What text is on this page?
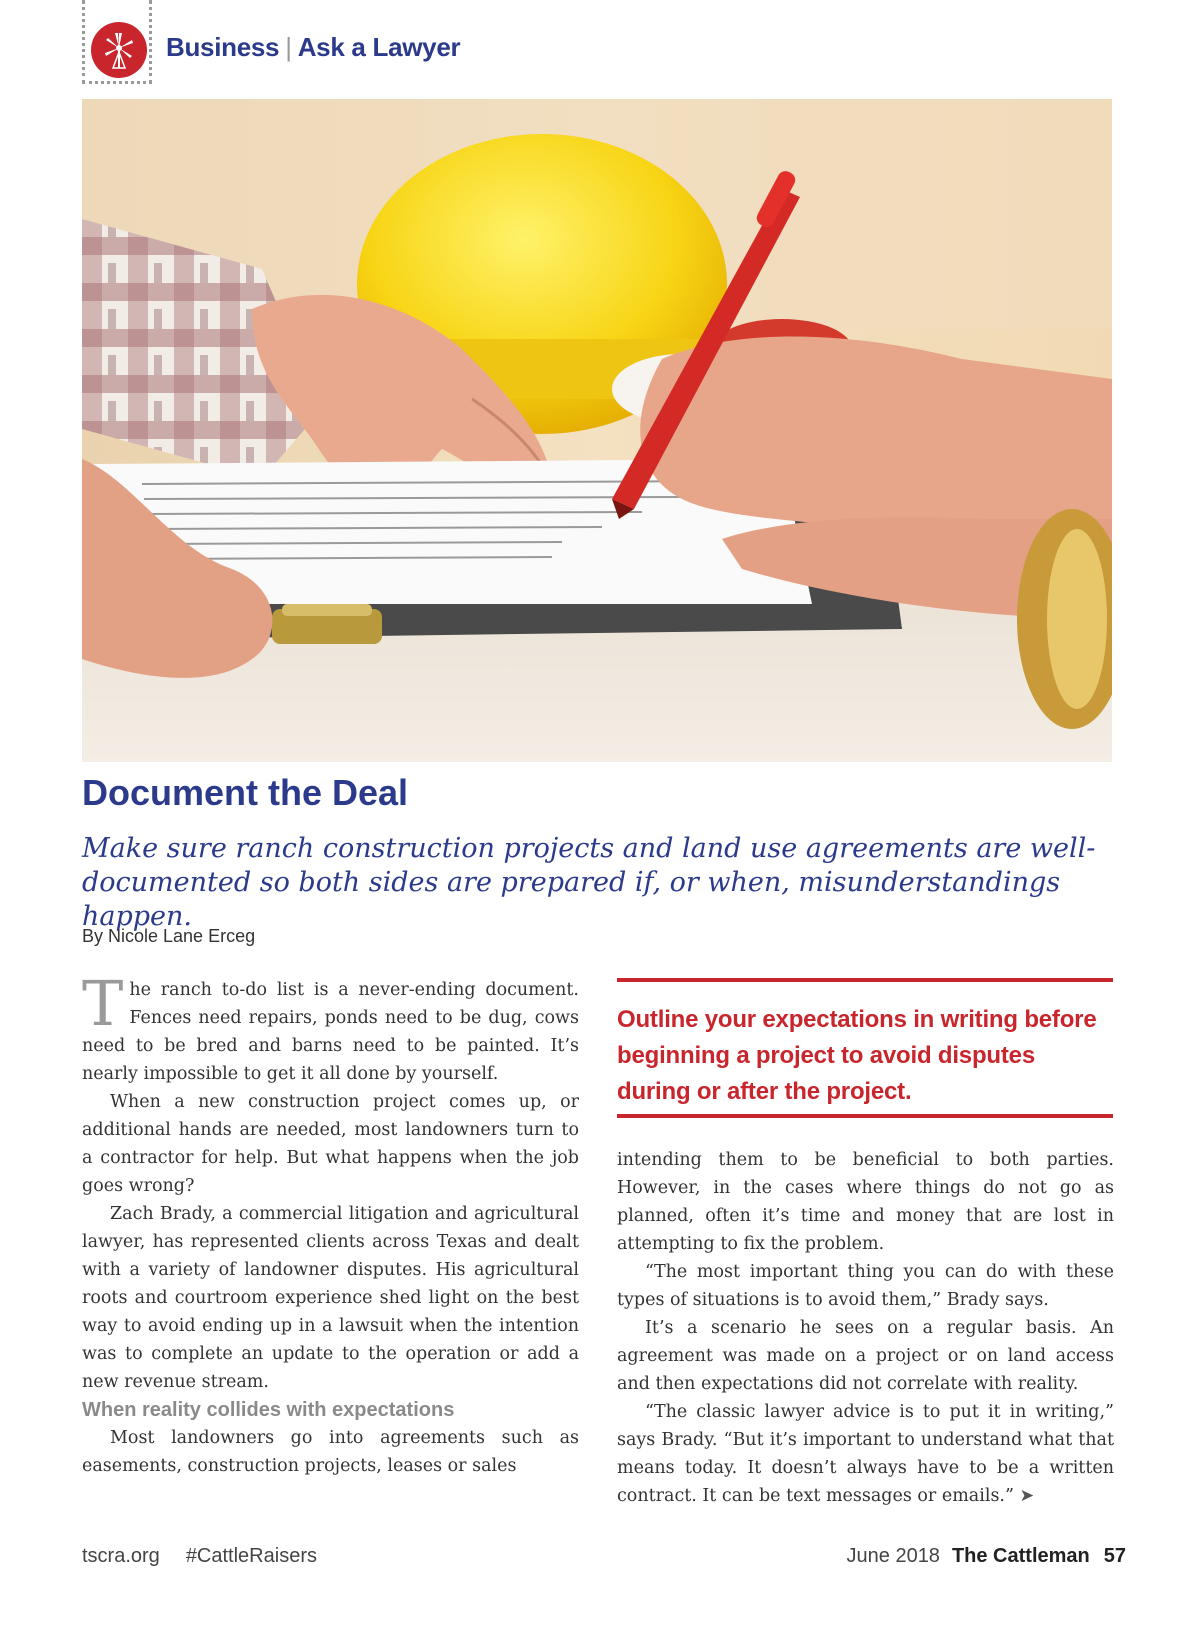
Business | Ask a Lawyer
Document the Deal

Make sure ranch construction projects and land use agreements are well-documented so both sides are prepared if, or when, misunderstandings happen.

By Nicole Lane Erceg

The ranch to-do list is a never-ending document. Fences need repairs, ponds need to be dug, cows need to be bred and barns need to be painted. It’s nearly impossible to get it all done by yourself.

When a new construction project comes up, or additional hands are needed, most landowners turn to a contractor for help. But what happens when the job goes wrong?

Zach Brady, a commercial litigation and agricultural lawyer, has represented clients across Texas and dealt with a variety of landowner disputes. His agricultural roots and courtroom experience shed light on the best way to avoid ending up in a lawsuit when the intention was to complete an update to the operation or add a new revenue stream.

When reality collides with expectations

Most landowners go into agreements such as easements, construction projects, leases or sales

Outline your expectations in writing before beginning a project to avoid disputes during or after the project.

intending them to be beneficial to both parties. However, in the cases where things do not go as planned, often it’s time and money that are lost in attempting to fix the problem.

“The most important thing you can do with these types of situations is to avoid them,” Brady says.

It’s a scenario he sees on a regular basis. An agreement was made on a project or on land access and then expectations did not correlate with reality.

“The classic lawyer advice is to put it in writing,” says Brady. “But it’s important to understand what that means today. It doesn’t always have to be a written contract. It can be text messages or emails.” ➤

tscra.org #CattleRaisers	June 2018 The Cattleman 57
